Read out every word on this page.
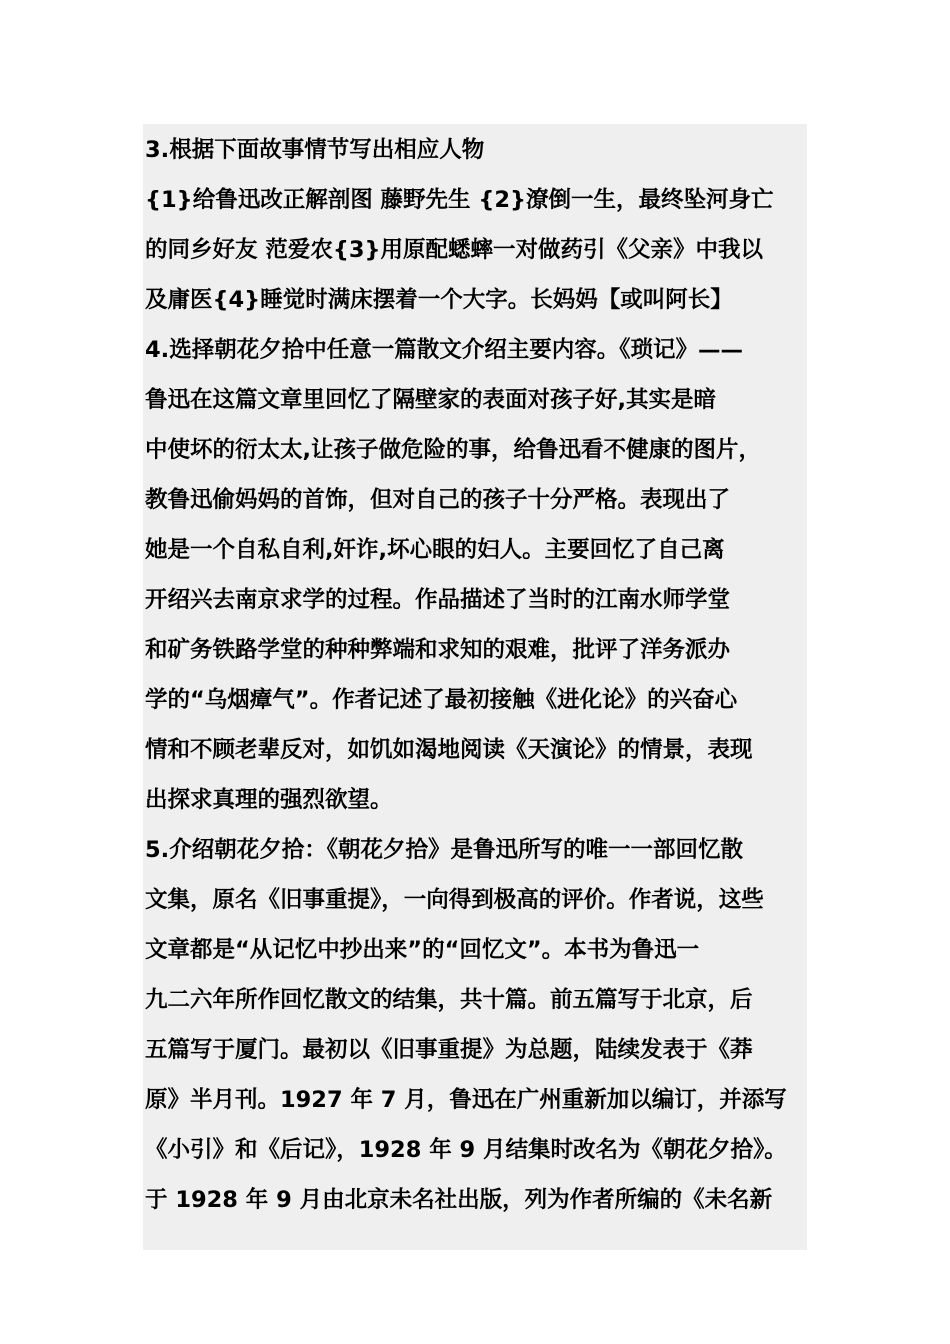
3.根据下面故事情节写出相应人物
{1}给鲁迅改正解剖图 藤野先生 {2}潦倒一生，最终坠河身亡
的同乡好友 范爱农{3}用原配蟋蟀一对做药引《父亲》中我以
及庸医{4}睡觉时满床摆着一个大字。长妈妈【或叫阿长】
4.选择朝花夕拾中任意一篇散文介绍主要内容。《琐记》——
鲁迅在这篇文章里回忆了隔壁家的表面对孩子好,其实是暗
中使坏的衍太太,让孩子做危险的事，给鲁迅看不健康的图片，
教鲁迅偷妈妈的首饰，但对自己的孩子十分严格。表现出了
她是一个自私自利,奸诈,坏心眼的妇人。主要回忆了自己离
开绍兴去南京求学的过程。作品描述了当时的江南水师学堂
和矿务铁路学堂的种种弊端和求知的艰难，批评了洋务派办
学的“乌烟瘴气”。作者记述了最初接触《进化论》的兴奋心
情和不顾老辈反对，如饥如渴地阅读《天演论》的情景，表现
出探求真理的强烈欲望。
5.介绍朝花夕拾：《朝花夕拾》是鲁迅所写的唯一一部回忆散
文集，原名《旧事重提》，一向得到极高的评价。作者说，这些
文章都是“从记忆中抄出来”的“回忆文”。本书为鲁迅一
九二六年所作回忆散文的结集，共十篇。前五篇写于北京，后
五篇写于厦门。最初以《旧事重提》为总题，陆续发表于《莽
原》半月刊。1927 年 7 月，鲁迅在广州重新加以编订，并添写
《小引》和《后记》，1928 年 9 月结集时改名为《朝花夕拾》。
于 1928 年 9 月由北京未名社出版，列为作者所编的《未名新
